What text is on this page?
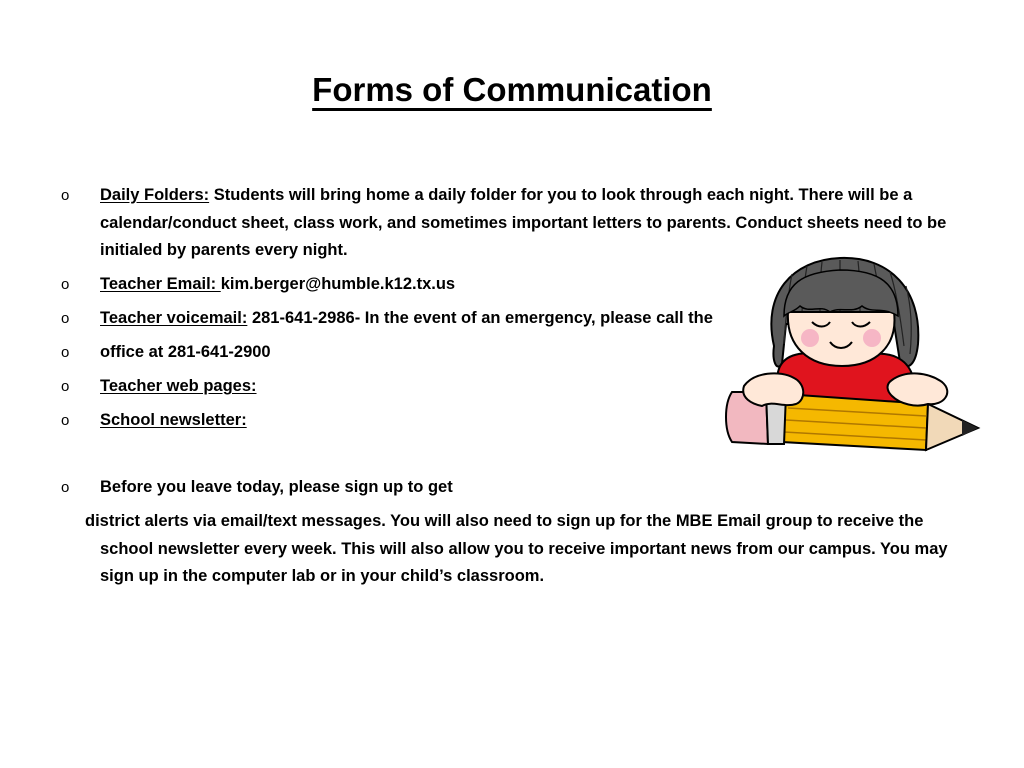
Forms of Communication
o Daily Folders: Students will bring home a daily folder for you to look through each night. There will be a calendar/conduct sheet, class work, and sometimes important letters to parents. Conduct sheets need to be initialed by parents every night.
o Teacher Email: kim.berger@humble.k12.tx.us
o Teacher voicemail: 281-641-2986- In the event of an emergency, please call the
o office at 281-641-2900
o Teacher web pages:
o School newsletter:
o Before you leave today, please sign up to get
district alerts via email/text messages. You will also need to sign up for the MBE Email group to receive the school newsletter every week. This will also allow you to receive important news from our campus. You may sign up in the computer lab or in your child’s classroom.
